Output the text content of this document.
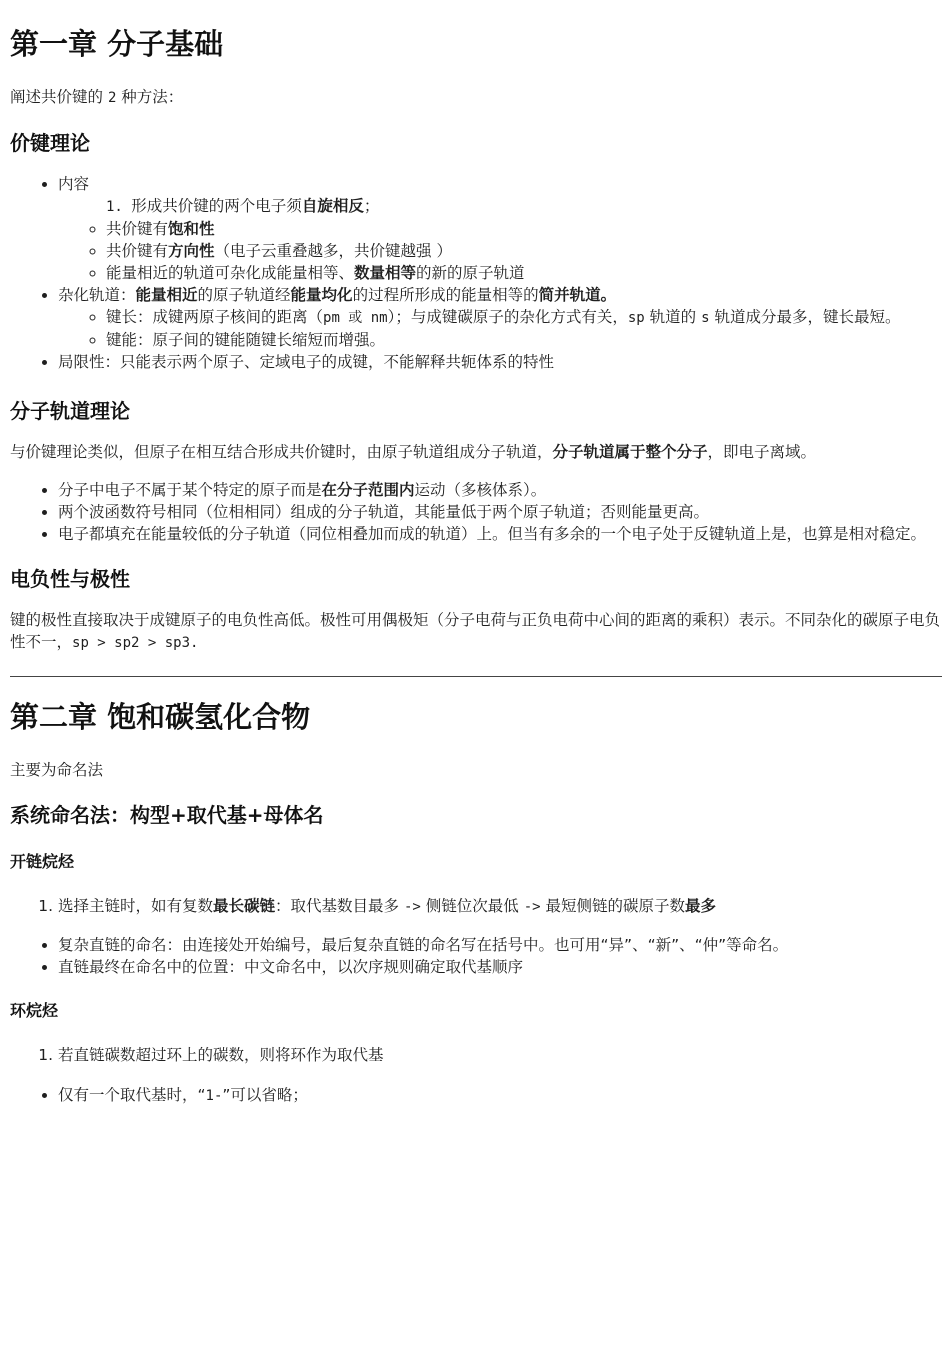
第一章 分子基础

阐述共价键的 2 种方法：

价键理论
• 内容
1. 形成共价键的两个电子须自旋相反；
◦ 共价键有饱和性
◦ 共价键有方向性（电子云重叠越多，共价键越强 ）
◦ 能量相近的轨道可杂化成能量相等、数量相等的新的原子轨道
• 杂化轨道：能量相近的原子轨道经能量均化的过程所形成的能量相等的简并轨道。
◦ 键长：成键两原子核间的距离（pm 或 nm）；与成键碳原子的杂化方式有关，sp 轨道的 s 轨道成分最多，键长最短。
◦ 键能：原子间的键能随键长缩短而增强。
• 局限性：只能表示两个原子、定域电子的成键，不能解释共轭体系的特性
分子轨道理论

与价键理论类似，但原子在相互结合形成共价键时，由原子轨道组成分子轨道，分子轨道属于整个分子，即电子离域。

• 分子中电子不属于某个特定的原子而是在分子范围内运动（多核体系）。
• 两个波函数符号相同（位相相同）组成的分子轨道，其能量低于两个原子轨道；否则能量更高。
• 电子都填充在能量较低的分子轨道（同位相叠加而成的轨道）上。但当有多余的一个电子处于反键轨道上是，也算是相对稳定。
电负性与极性

键的极性直接取决于成键原子的电负性高低。极性可用偶极矩（分子电荷与正负电荷中心间的距离的乘积）表示。不同杂化的碳原子电负性不一，sp > sp2 > sp3.

第二章 饱和碳氢化合物

主要为命名法

系统命名法：构型+取代基+母体名
开链烷烃
1. 选择主链时，如有复数最长碳链：取代基数目最多 -> 侧链位次最低 -> 最短侧链的碳原子数最多
• 复杂直链的命名：由连接处开始编号，最后复杂直链的命名写在括号中。也可用“异”、“新”、“仲”等命名。
• 直链最终在命名中的位置：中文命名中，以次序规则确定取代基顺序
环烷烃
1. 若直链碳数超过环上的碳数，则将环作为取代基
• 仅有一个取代基时，“1-”可以省略；
